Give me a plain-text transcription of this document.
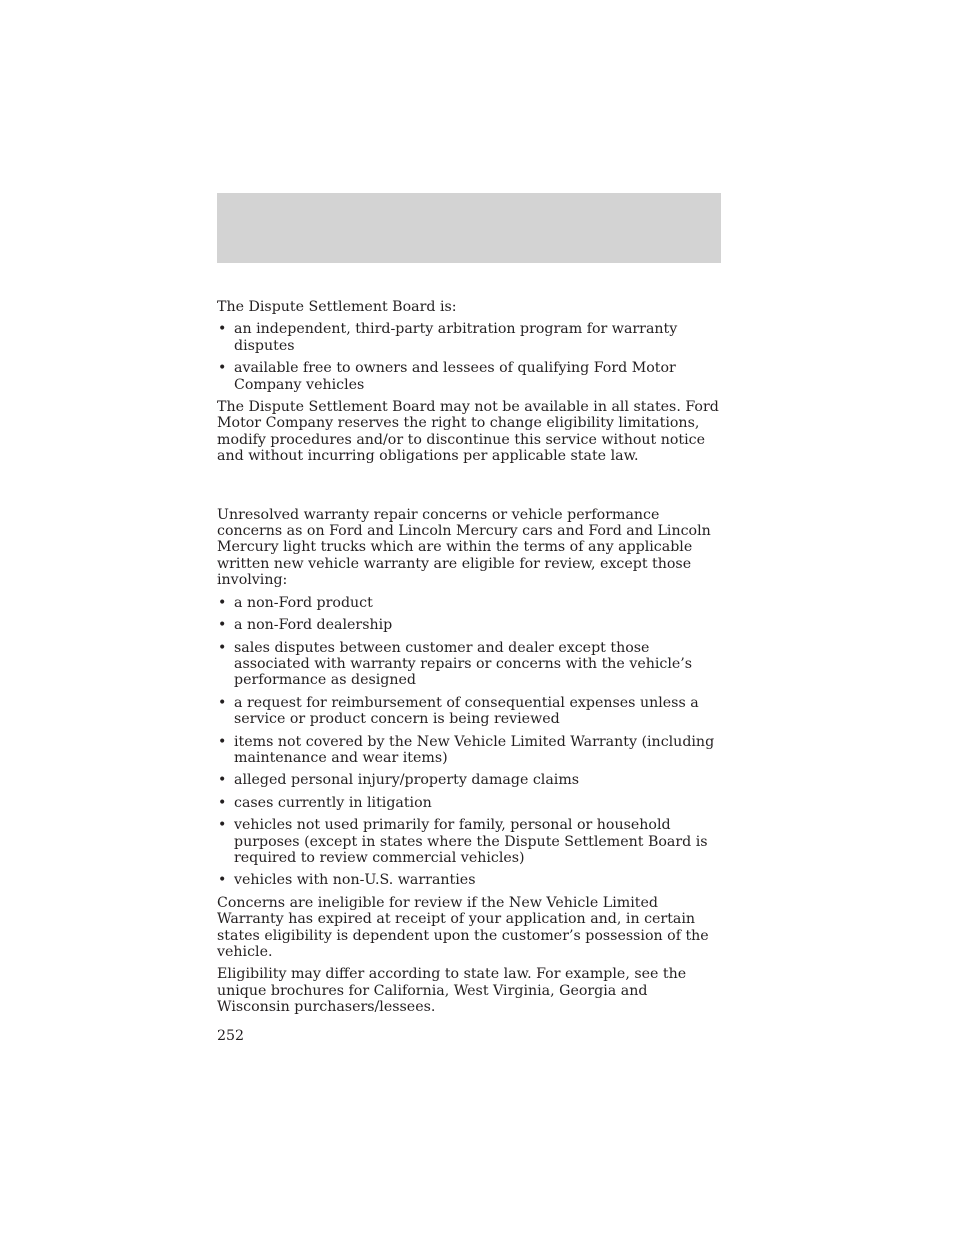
The Dispute Settlement Board is:

• an independent, third-party arbitration program for warranty disputes
• available free to owners and lessees of qualifying Ford Motor Company vehicles

The Dispute Settlement Board may not be available in all states. Ford Motor Company reserves the right to change eligibility limitations, modify procedures and/or to discontinue this service without notice and without incurring obligations per applicable state law.

Unresolved warranty repair concerns or vehicle performance concerns as on Ford and Lincoln Mercury cars and Ford and Lincoln Mercury light trucks which are within the terms of any applicable written new vehicle warranty are eligible for review, except those involving:

• a non-Ford product
• a non-Ford dealership
• sales disputes between customer and dealer except those associated with warranty repairs or concerns with the vehicle’s performance as designed
• a request for reimbursement of consequential expenses unless a service or product concern is being reviewed
• items not covered by the New Vehicle Limited Warranty (including maintenance and wear items)
• alleged personal injury/property damage claims
• cases currently in litigation
• vehicles not used primarily for family, personal or household purposes (except in states where the Dispute Settlement Board is required to review commercial vehicles)
• vehicles with non-U.S. warranties

Concerns are ineligible for review if the New Vehicle Limited Warranty has expired at receipt of your application and, in certain states eligibility is dependent upon the customer’s possession of the vehicle.

Eligibility may differ according to state law. For example, see the unique brochures for California, West Virginia, Georgia and Wisconsin purchasers/lessees.

252
